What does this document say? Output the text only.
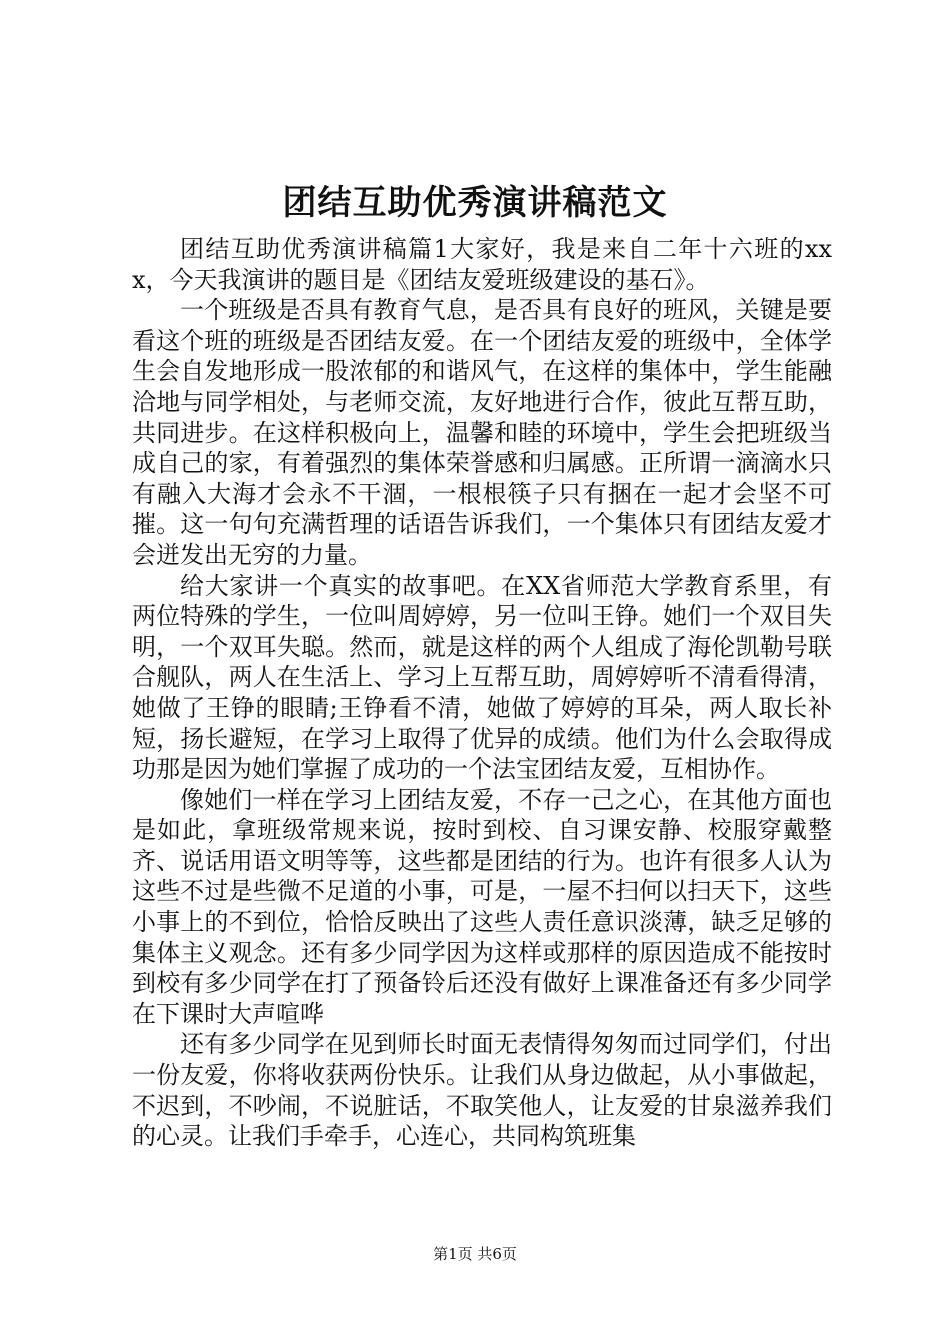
团结互助优秀演讲稿范文

团结互助优秀演讲稿篇1大家好，我是来自二年十六班的xxx，今天我演讲的题目是《团结友爱班级建设的基石》。

一个班级是否具有教育气息，是否具有良好的班风，关键是要看这个班的班级是否团结友爱。在一个团结友爱的班级中，全体学生会自发地形成一股浓郁的和谐风气，在这样的集体中，学生能融洽地与同学相处，与老师交流，友好地进行合作，彼此互帮互助，共同进步。在这样积极向上，温馨和睦的环境中，学生会把班级当成自己的家，有着强烈的集体荣誉感和归属感。正所谓一滴滴水只有融入大海才会永不干涸，一根根筷子只有捆在一起才会坚不可摧。这一句句充满哲理的话语告诉我们，一个集体只有团结友爱才会迸发出无穷的力量。

给大家讲一个真实的故事吧。在XX省师范大学教育系里，有两位特殊的学生，一位叫周婷婷，另一位叫王铮。她们一个双目失明，一个双耳失聪。然而，就是这样的两个人组成了海伦凯勒号联合舰队，两人在生活上、学习上互帮互助，周婷婷听不清看得清，她做了王铮的眼睛;王铮看不清，她做了婷婷的耳朵，两人取长补短，扬长避短，在学习上取得了优异的成绩。他们为什么会取得成功那是因为她们掌握了成功的一个法宝团结友爱，互相协作。

像她们一样在学习上团结友爱，不存一己之心，在其他方面也是如此，拿班级常规来说，按时到校、自习课安静、校服穿戴整齐、说话用语文明等等，这些都是团结的行为。也许有很多人认为这些不过是些微不足道的小事，可是，一屋不扫何以扫天下，这些小事上的不到位，恰恰反映出了这些人责任意识淡薄，缺乏足够的集体主义观念。还有多少同学因为这样或那样的原因造成不能按时到校有多少同学在打了预备铃后还没有做好上课准备还有多少同学在下课时大声喧哗

还有多少同学在见到师长时面无表情得匆匆而过同学们，付出一份友爱，你将收获两份快乐。让我们从身边做起，从小事做起，不迟到，不吵闹，不说脏话，不取笑他人，让友爱的甘泉滋养我们的心灵。让我们手牵手，心连心，共同构筑班集

第1页 共6页
